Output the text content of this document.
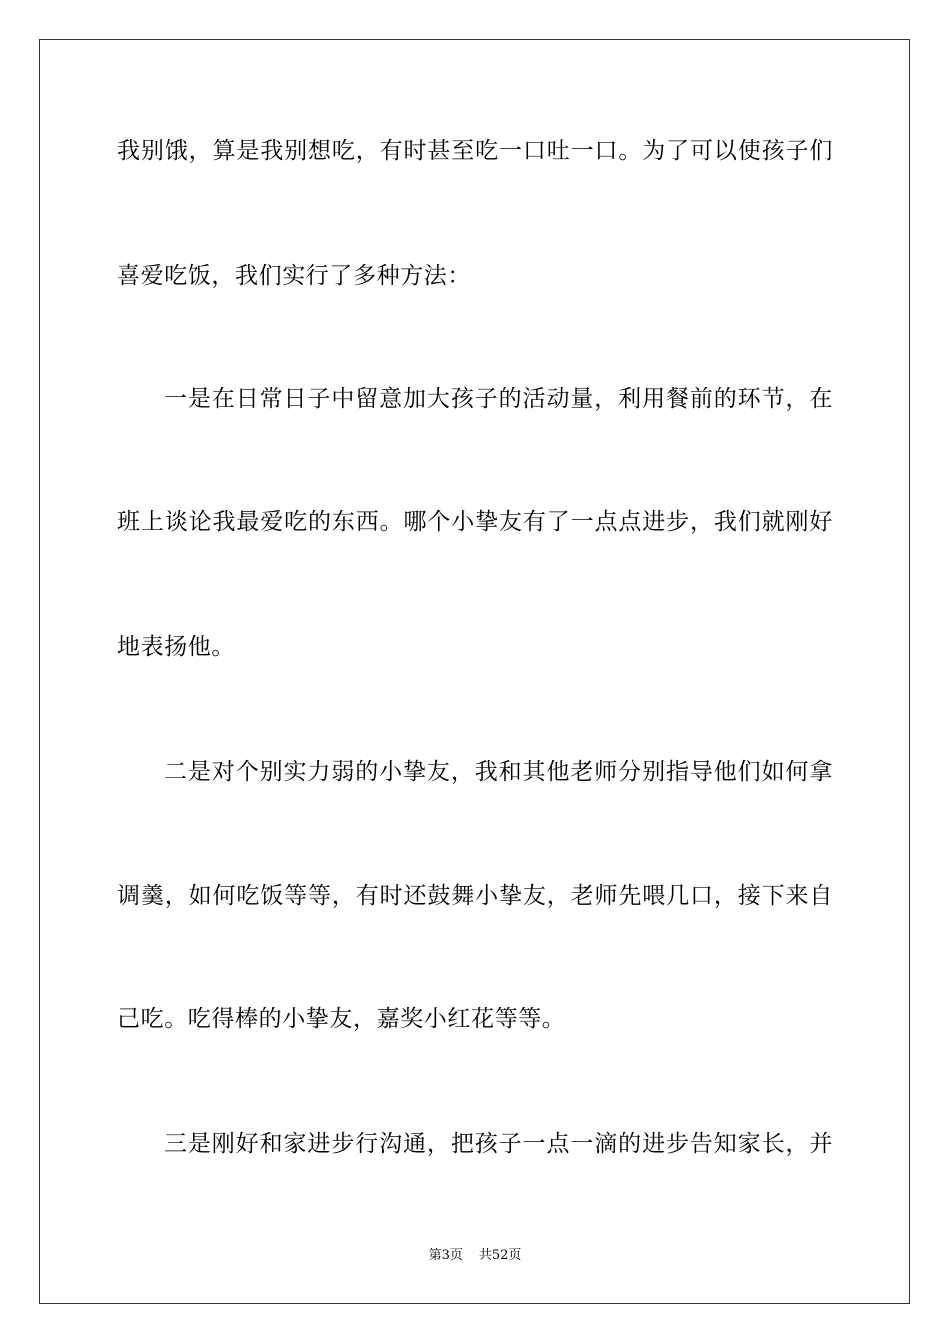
我别饿，算是我别想吃，有时甚至吃一口吐一口。为了可以使孩子们
喜爱吃饭，我们实行了多种方法：
一是在日常日子中留意加大孩子的活动量，利用餐前的环节，在
班上谈论我最爱吃的东西。哪个小挚友有了一点点进步，我们就刚好
地表扬他。
二是对个别实力弱的小挚友，我和其他老师分别指导他们如何拿
调羹，如何吃饭等等，有时还鼓舞小挚友，老师先喂几口，接下来自
己吃。吃得棒的小挚友，嘉奖小红花等等。
三是刚好和家进步行沟通，把孩子一点一滴的进步告知家长，并
第3页 共52页
